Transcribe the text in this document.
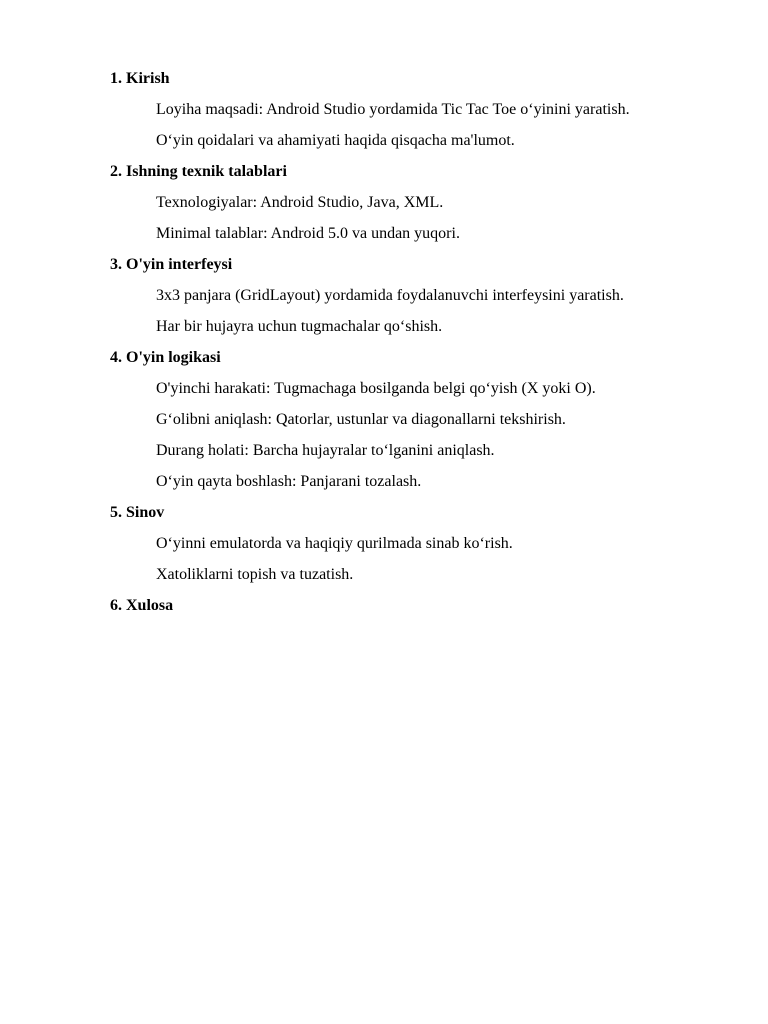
1. Kirish
Loyiha maqsadi: Android Studio yordamida Tic Tac Toe o‘yinini yaratish.
O‘yin qoidalari va ahamiyati haqida qisqacha ma'lumot.
2. Ishning texnik talablari
Texnologiyalar: Android Studio, Java, XML.
Minimal talablar: Android 5.0 va undan yuqori.
3. O'yin interfeysi
3x3 panjara (GridLayout) yordamida foydalanuvchi interfeysini yaratish.
Har bir hujayra uchun tugmachalar qo‘shish.
4. O'yin logikasi
O'yinchi harakati: Tugmachaga bosilganda belgi qo‘yish (X yoki O).
G‘olibni aniqlash: Qatorlar, ustunlar va diagonallarni tekshirish.
Durang holati: Barcha hujayralar to‘lganini aniqlash.
O‘yin qayta boshlash: Panjarani tozalash.
5. Sinov
O‘yinni emulatorda va haqiqiy qurilmada sinab ko‘rish.
Xatoliklarni topish va tuzatish.
6. Xulosa
